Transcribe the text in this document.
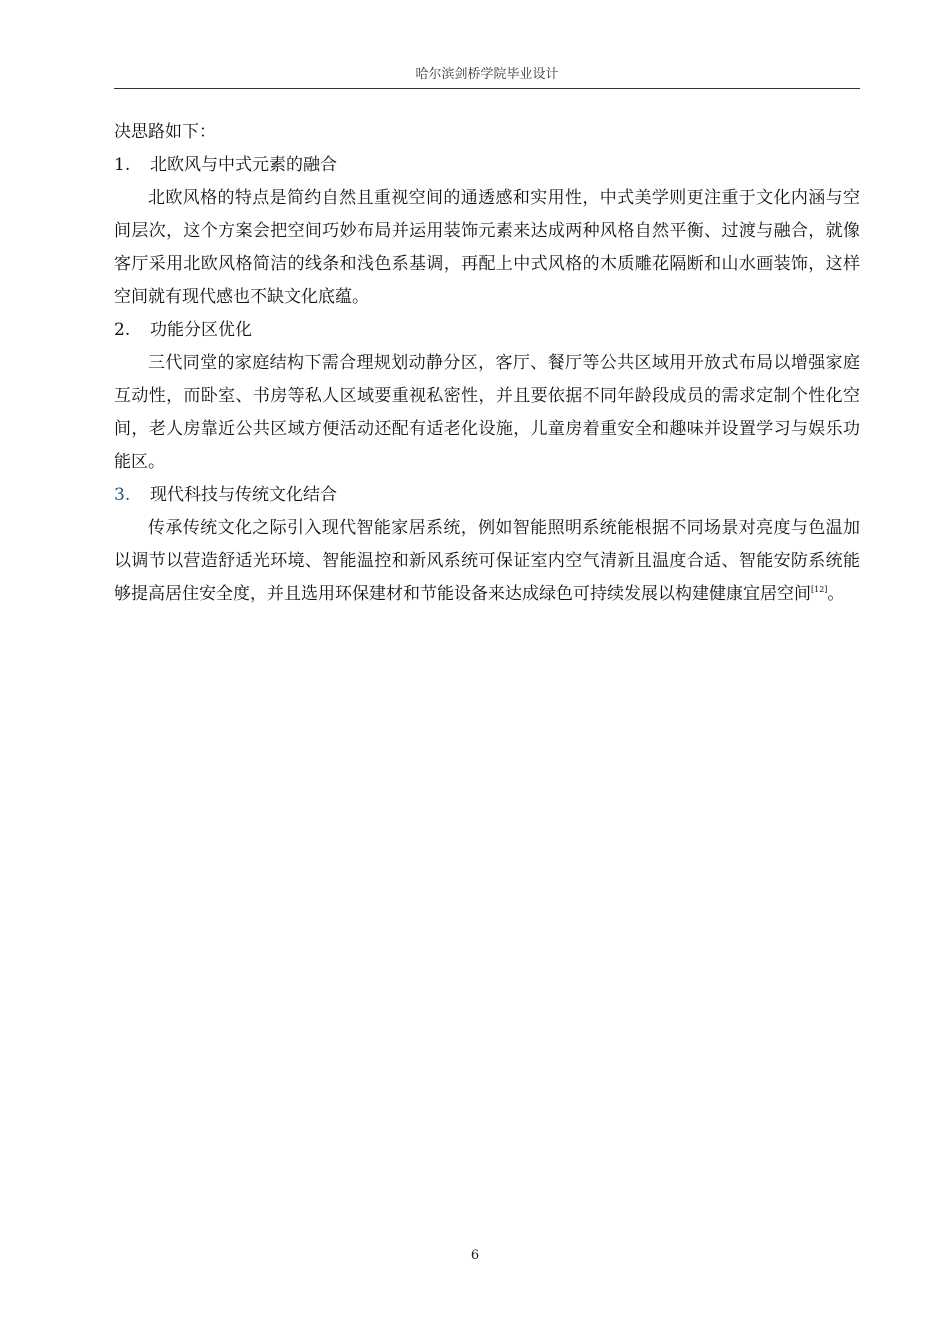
哈尔滨剑桥学院毕业设计

决思路如下：

1. 北欧风与中式元素的融合

北欧风格的特点是简约自然且重视空间的通透感和实用性，中式美学则更注重于文化内涵与空间层次，这个方案会把空间巧妙布局并运用装饰元素来达成两种风格自然平衡、过渡与融合，就像客厅采用北欧风格简洁的线条和浅色系基调，再配上中式风格的木质雕花隔断和山水画装饰，这样空间就有现代感也不缺文化底蕴。

2. 功能分区优化

三代同堂的家庭结构下需合理规划动静分区，客厅、餐厅等公共区域用开放式布局以增强家庭互动性，而卧室、书房等私人区域要重视私密性，并且要依据不同年龄段成员的需求定制个性化空间，老人房靠近公共区域方便活动还配有适老化设施，儿童房着重安全和趣味并设置学习与娱乐功能区。

3. 现代科技与传统文化结合

传承传统文化之际引入现代智能家居系统，例如智能照明系统能根据不同场景对亮度与色温加以调节以营造舒适光环境、智能温控和新风系统可保证室内空气清新且温度合适、智能安防系统能够提高居住安全度，并且选用环保建材和节能设备来达成绿色可持续发展以构建健康宜居空间[12]。

6
